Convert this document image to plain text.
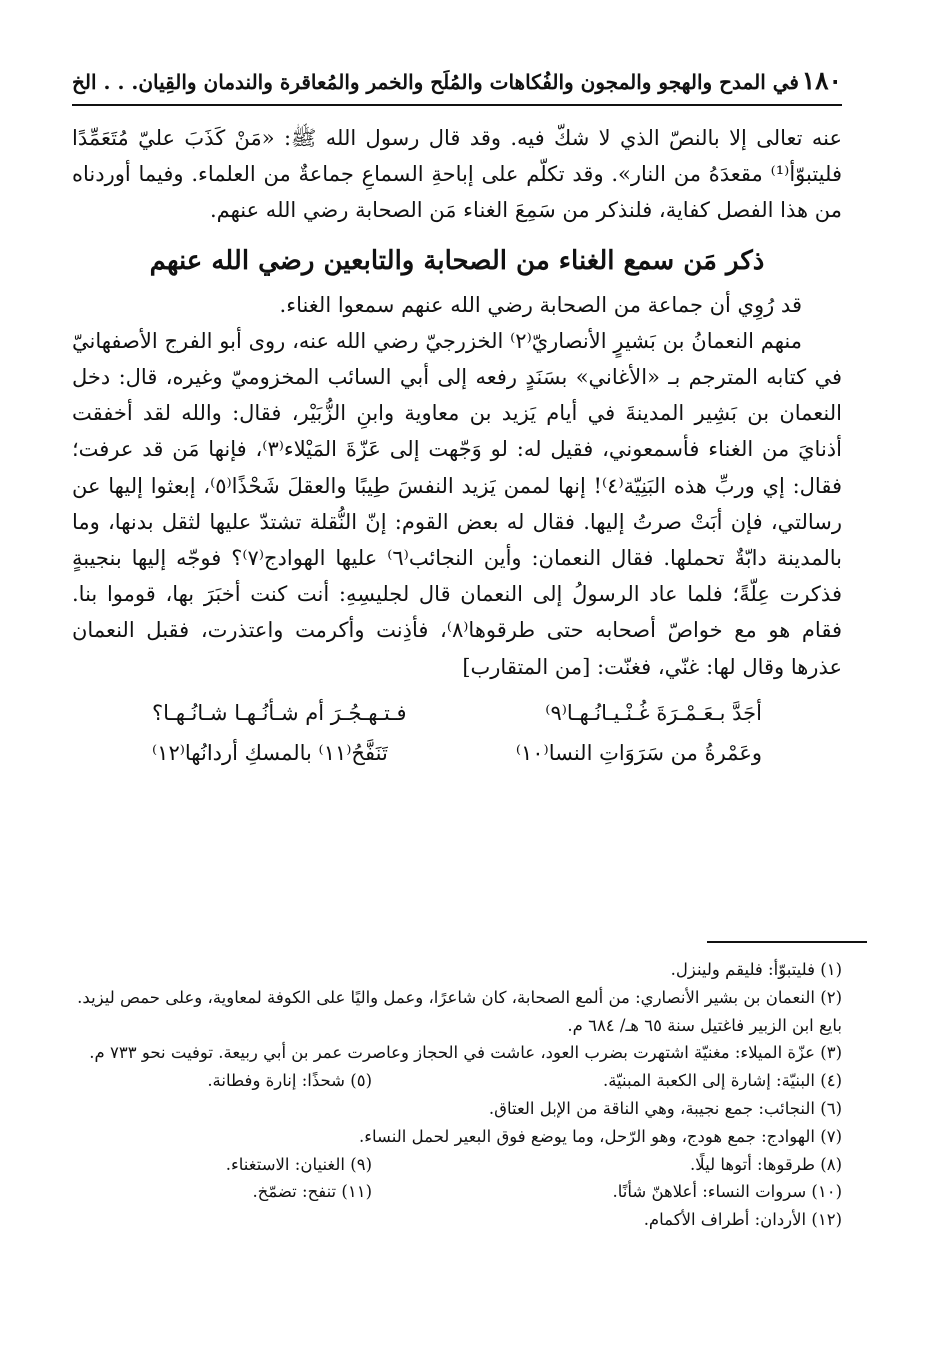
١٨٠
في المدح والهجو والمجون والفُكاهات والمُلَح والخمر والمُعاقرة والندمان والقِيان. . . الخ

عنه تعالى إلا بالنصّ الذي لا شكّ فيه. وقد قال رسول الله ﷺ: «مَنْ كَذَبَ عليّ مُتَعَمِّدًا فليتبوّأ⁽¹⁾ مقعدَهُ من النار». وقد تكلّم على إباحةِ السماعِ جماعةٌ من العلماء. وفيما أوردناه من هذا الفصل كفاية، فلنذكر من سَمِعَ الغناء مَن الصحابة رضي الله عنهم.

ذكر مَن سمع الغناء من الصحابة والتابعين رضي الله عنهم

قد رُوِي أن جماعة من الصحابة رضي الله عنهم سمعوا الغناء.

منهم النعمانُ بن بَشيرٍ الأنصاريّ⁽٢⁾ الخزرجيّ رضي الله عنه، روى أبو الفرج الأصفهانيّ في كتابه المترجم بـ «الأغاني» بسَنَدٍ رفعه إلى أبي السائب المخزوميّ وغيره، قال: دخل النعمان بن بَشِير المدينةَ في أيام يَزيد بن معاوية وابنِ الزُّبَيْر، فقال: والله لقد أخفقت أذنايَ من الغناء فأسمعوني، فقيل له: لو وَجّهت إلى عَزّةَ المَيْلاء⁽٣⁾، فإنها مَن قد عرفت؛ فقال: إي وربِّ هذه البَنِيّة⁽٤⁾! إنها لممن يَزيد النفسَ طِيبًا والعقلَ شَحْذًا⁽٥⁾، إبعثوا إليها عن رسالتي، فإن أبَتْ صرتُ إليها. فقال له بعض القوم: إنّ النُّقلة تشتدّ عليها لثقل بدنها، وما بالمدينة دابّةٌ تحملها. فقال النعمان: وأين النجائب⁽٦⁾ عليها الهوادج⁽٧⁾؟ فوجّه إليها بنجيبةٍ فذكرت عِلّةً؛ فلما عاد الرسولُ إلى النعمان قال لجليسِهِ: أنت كنت أخبَرَ بها، قوموا بنا. فقام هو مع خواصّ أصحابه حتى طرقوها⁽٨⁾، فأذِنت وأكرمت واعتذرت، فقبل النعمان عذرها وقال لها: غنّي، فغنّت: [من المتقارب]

أجَدَّ بـعَـمْـرَةَ غُـنْـيـانُـهـا⁽٩⁾
فـتـهـجُـرَ أم شـأنُـهـا شـانُـهـا؟
وعَمْرةُ من سَرَوَاتِ النسا⁽١٠⁾
تَنَفَّحُ⁽١١⁾ بالمسكِ أردانُها⁽١٢⁾

(١) فليتبوّأ: فليقم ولينزل.

(٢) النعمان بن بشير الأنصاري: من ألمع الصحابة، كان شاعرًا، وعمل واليًا على الكوفة لمعاوية، وعلى حمص ليزيد. بايع ابن الزبير فاغتيل سنة ٦٥ هـ/ ٦٨٤ م.

(٣) عزّة الميلاء: مغنيّة اشتهرت بضرب العود، عاشت في الحجاز وعاصرت عمر بن أبي ربيعة. توفيت نحو ٧٣٣ م.

(٤) البنيّة: إشارة إلى الكعبة المبنيّة.

(٥) شحذًا: إنارة وفطانة.

(٦) النجائب: جمع نجيبة، وهي الناقة من الإبل العتاق.

(٧) الهوادج: جمع هودج، وهو الرّحل، وما يوضع فوق البعير لحمل النساء.

(٨) طرقوها: أتوها ليلًا.

(٩) الغنيان: الاستغناء.

(١٠) سروات النساء: أعلاهنّ شأنًا.

(١١) تنفح: تضمّخ.

(١٢) الأردان: أطراف الأكمام.
